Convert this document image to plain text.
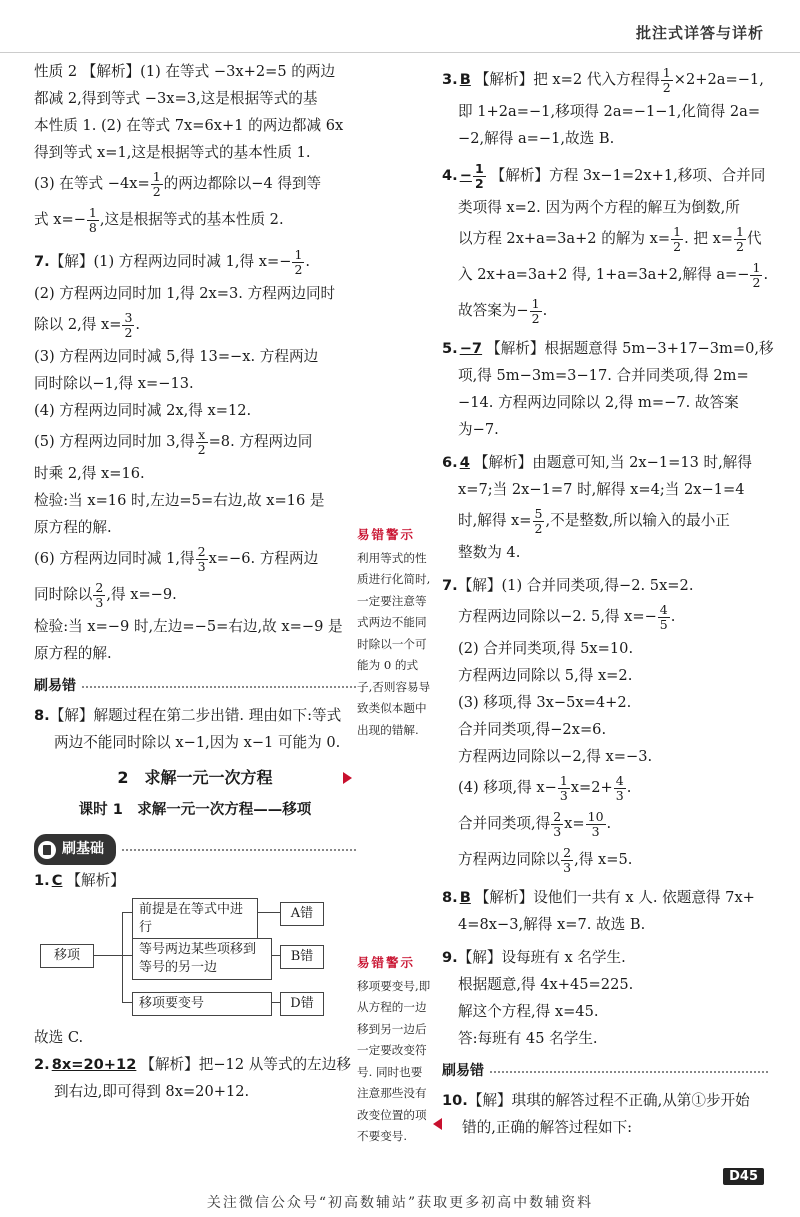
批注式详答与详析
性质 2 【解析】(1) 在等式 −3x+2=5 的两边
都减 2,得到等式 −3x=3,这是根据等式的基
本性质 1. (2) 在等式 7x=6x+1 的两边都减 6x
得到等式 x=1,这是根据等式的基本性质 1.
(3) 在等式 $-4x= \frac{1}{2}$ 的两边都除以−4 得到等
式 $x=- \frac{1}{8}$ ,这是根据等式的基本性质 2.
7.【解】(1) 方程两边同时减 1,得 $x=- \frac{1}{2}$ .
(2) 方程两边同时加 1,得 2x=3. 方程两边同时
除以 2,得 $x= \frac{3}{2}$ .
(3) 方程两边同时减 5,得 13=−x. 方程两边
同时除以−1,得 x=−13.
(4) 方程两边同时减 2x,得 x=12.
(5) 方程两边同时加 3,得 $\frac{x}{2} =8$. 方程两边同
时乘 2,得 x=16.
检验:当 x=16 时,左边=5=右边,故 x=16 是
原方程的解.
(6) 方程两边同时减 1,得 $\frac{2}{3} x=-6$. 方程两边
同时除以 $\frac{2}{3}$ ,得 x=−9.
检验:当 x=−9 时,左边=−5=右边,故 x=−9 是
原方程的解.
刷易错
8.【解】解题过程在第二步出错. 理由如下:等式
两边不能同时除以 x−1,因为 x−1 可能为 0.
2　求解一元一次方程
课时 1　求解一元一次方程——移项
刷基础
1. C 【解析】
移项
前提是在等式中进行
等号两边某些项移到等号的另一边
移项要变号
A错
B错
D错
故选 C.
2. 8x=20+12 【解析】把−12 从等式的左边移
到右边,即可得到 8x=20+12.
易错警示
利用等式的性质进行化简时,一定要注意等式两边不能同时除以一个可能为 0 的式子,否则容易导致类似本题中出现的错解.
易错警示
移项要变号,即从方程的一边移到另一边后一定要改变符号. 同时也要注意那些没有改变位置的项不要变号.
3. B 【解析】把 x=2 代入方程得 $\frac{1}{2} \times 2+2a=-1$,
即 1+2a=−1,移项得 2a=−1−1,化简得 2a=
−2,解得 a=−1,故选 B.
4. − $\frac{1}{2}$ 【解析】方程 3x−1=2x+1,移项、合并同
类项得 x=2. 因为两个方程的解互为倒数,所
以方程 2x+a=3a+2 的解为 $x= \frac{1}{2}$ . 把 $x= \frac{1}{2}$ 代
入 2x+a=3a+2 得, 1+a=3a+2,解得 $a=- \frac{1}{2}$ .
故答案为− $\frac{1}{2}$ .
5. −7 【解析】根据题意得 5m−3+17−3m=0,移
项,得 5m−3m=3−17. 合并同类项,得 2m=
−14. 方程两边同除以 2,得 m=−7. 故答案
为−7.
6. 4 【解析】由题意可知,当 2x−1=13 时,解得
x=7;当 2x−1=7 时,解得 x=4;当 2x−1=4
时,解得 $x= \frac{5}{2}$ ,不是整数,所以输入的最小正
整数为 4.
7.【解】(1) 合并同类项,得−2. 5x=2.
方程两边同除以−2. 5,得 $x=- \frac{4}{5}$ .
(2) 合并同类项,得 5x=10.
方程两边同除以 5,得 x=2.
(3) 移项,得 3x−5x=4+2.
合并同类项,得−2x=6.
方程两边同除以−2,得 x=−3.
(4) 移项,得 $x- \frac{1}{3} x=2+ \frac{4}{3}$ .
合并同类项,得 $\frac{2}{3} x= \frac{10}{3}$ .
方程两边同除以 $\frac{2}{3}$ ,得 x=5.
8. B 【解析】设他们一共有 x 人. 依题意得 7x+
4=8x−3,解得 x=7. 故选 B.
9.【解】设每班有 x 名学生.
根据题意,得 4x+45=225.
解这个方程,得 x=45.
答:每班有 45 名学生.
刷易错
10.【解】琪琪的解答过程不正确,从第①步开始
错的,正确的解答过程如下:
D45
关注微信公众号“初高数辅站”获取更多初高中数辅资料
